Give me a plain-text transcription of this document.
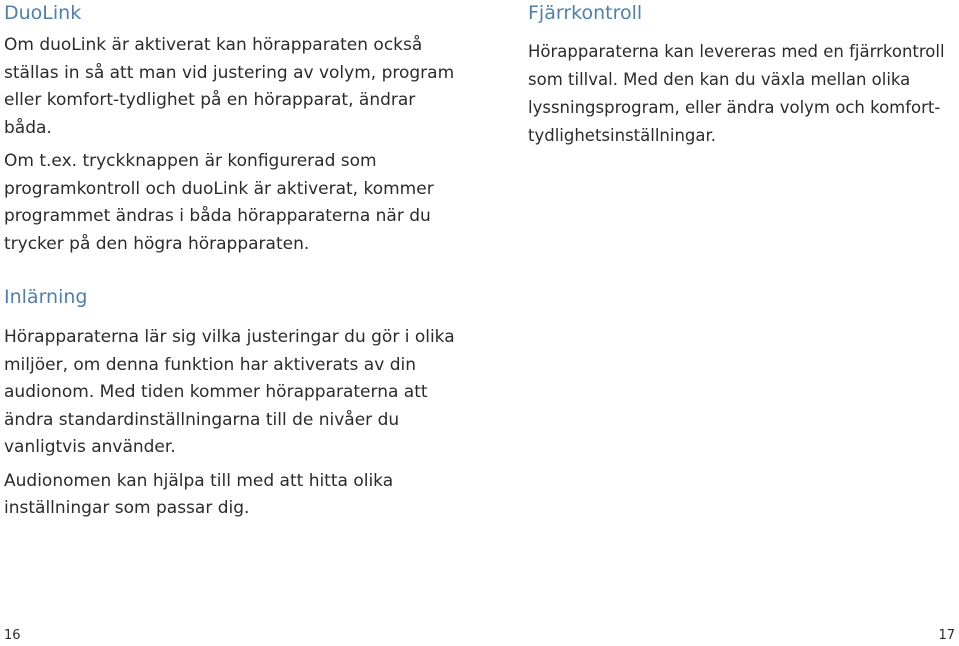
DuoLink

Om duoLink är aktiverat kan hörapparaten också ställas in så att man vid justering av volym, program eller komfort-tydlighet på en hörapparat, ändrar båda.

Om t.ex. tryckknappen är konfigurerad som programkontroll och duoLink är aktiverat, kommer programmet ändras i båda hörapparaterna när du trycker på den högra hörapparaten.

Inlärning

Hörapparaterna lär sig vilka justeringar du gör i olika miljöer, om denna funktion har aktiverats av din audionom. Med tiden kommer hörapparaterna att ändra standardinställningarna till de nivåer du vanligtvis använder.

Audionomen kan hjälpa till med att hitta olika inställningar som passar dig.

Fjärrkontroll

Hörapparaterna kan levereras med en fjärrkontroll som tillval. Med den kan du växla mellan olika lyssningsprogram, eller ändra volym och komfort-tydlighetsinställningar.

16	17
